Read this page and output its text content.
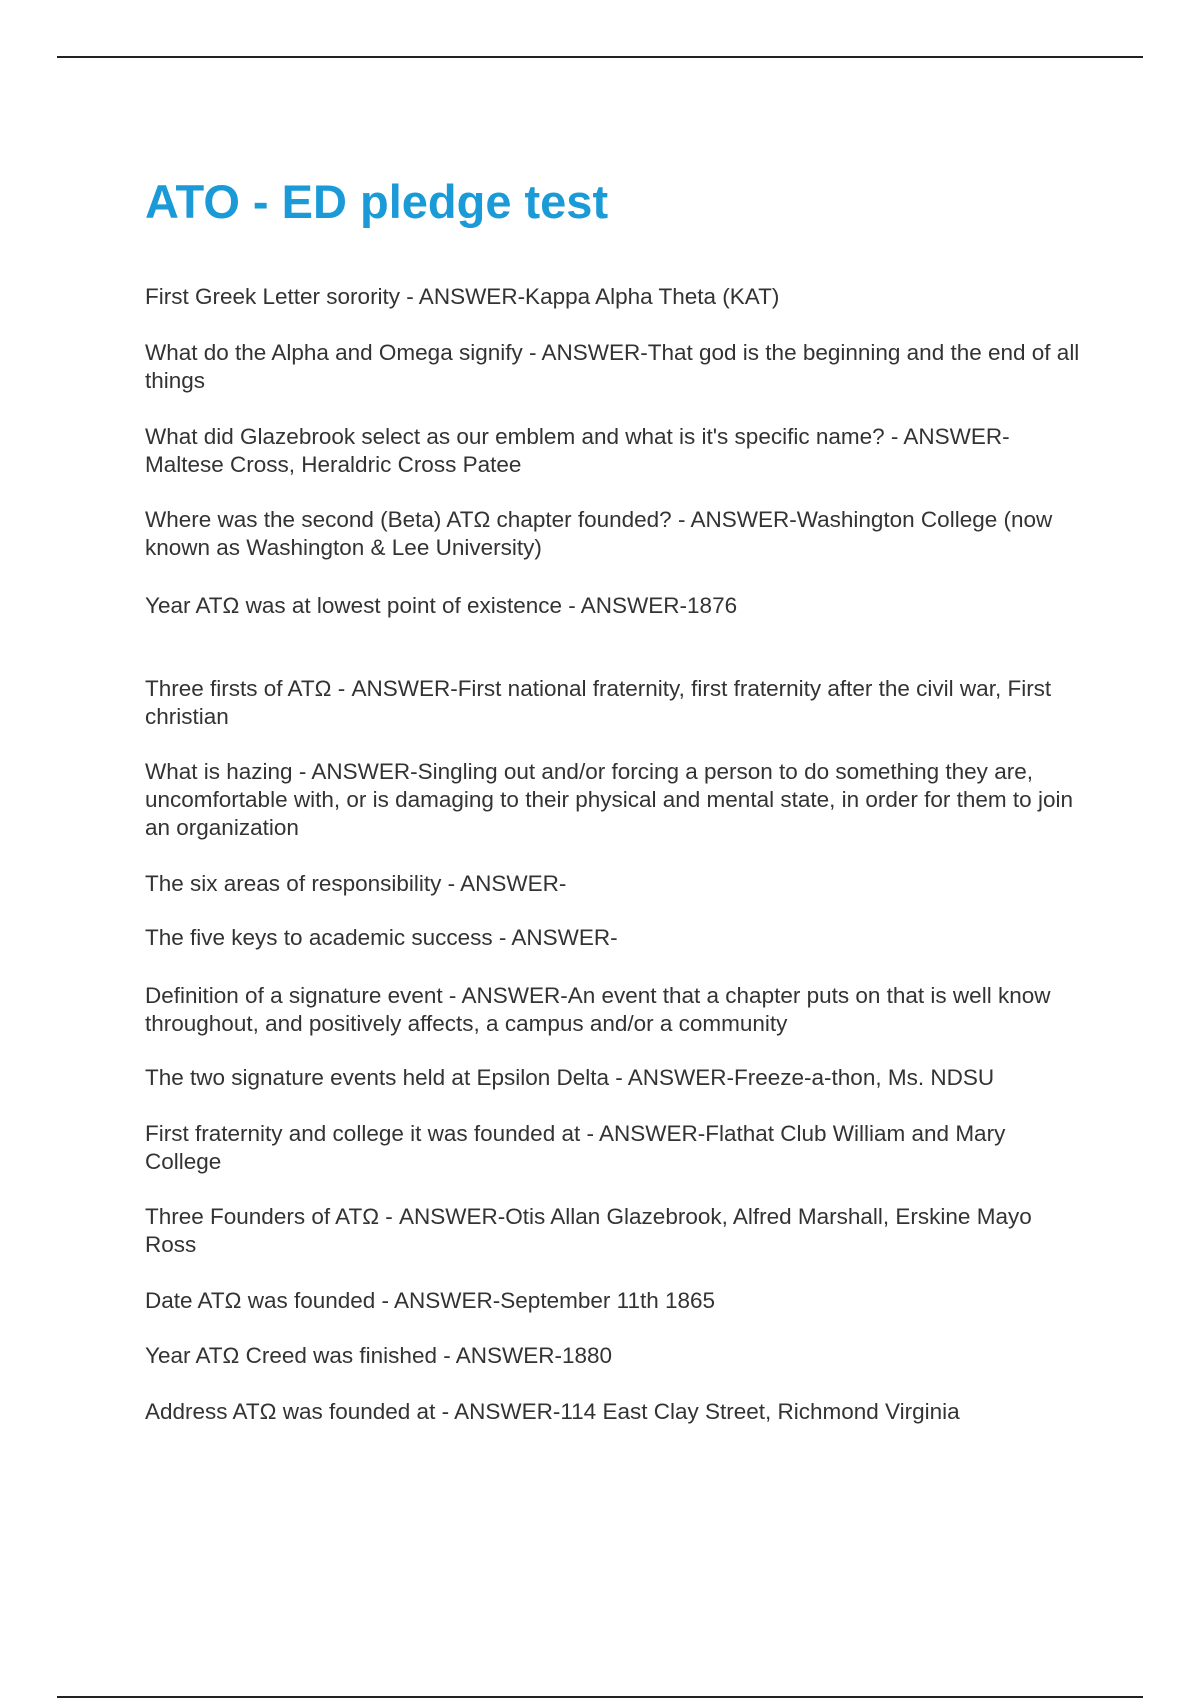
ATO - ED pledge test

First Greek Letter sorority - ANSWER-Kappa Alpha Theta (KAT)

What do the Alpha and Omega signify - ANSWER-That god is the beginning and the end of all things

What did Glazebrook select as our emblem and what is it's specific name? - ANSWER-Maltese Cross, Heraldric Cross Patee

Where was the second (Beta) ATΩ chapter founded? - ANSWER-Washington College (now known as Washington & Lee University)

Year ATΩ was at lowest point of existence - ANSWER-1876

Three firsts of ATΩ - ANSWER-First national fraternity, first fraternity after the civil war, First christian

What is hazing - ANSWER-Singling out and/or forcing a person to do something they are, uncomfortable with, or is damaging to their physical and mental state, in order for them to join an organization

The six areas of responsibility - ANSWER-

The five keys to academic success - ANSWER-

Definition of a signature event - ANSWER-An event that a chapter puts on that is well know throughout, and positively affects, a campus and/or a community

The two signature events held at Epsilon Delta - ANSWER-Freeze-a-thon, Ms. NDSU

First fraternity and college it was founded at - ANSWER-Flathat Club William and Mary College

Three Founders of ATΩ - ANSWER-Otis Allan Glazebrook, Alfred Marshall, Erskine Mayo Ross

Date ATΩ was founded - ANSWER-September 11th 1865

Year ATΩ Creed was finished - ANSWER-1880

Address ATΩ was founded at - ANSWER-114 East Clay Street, Richmond Virginia
